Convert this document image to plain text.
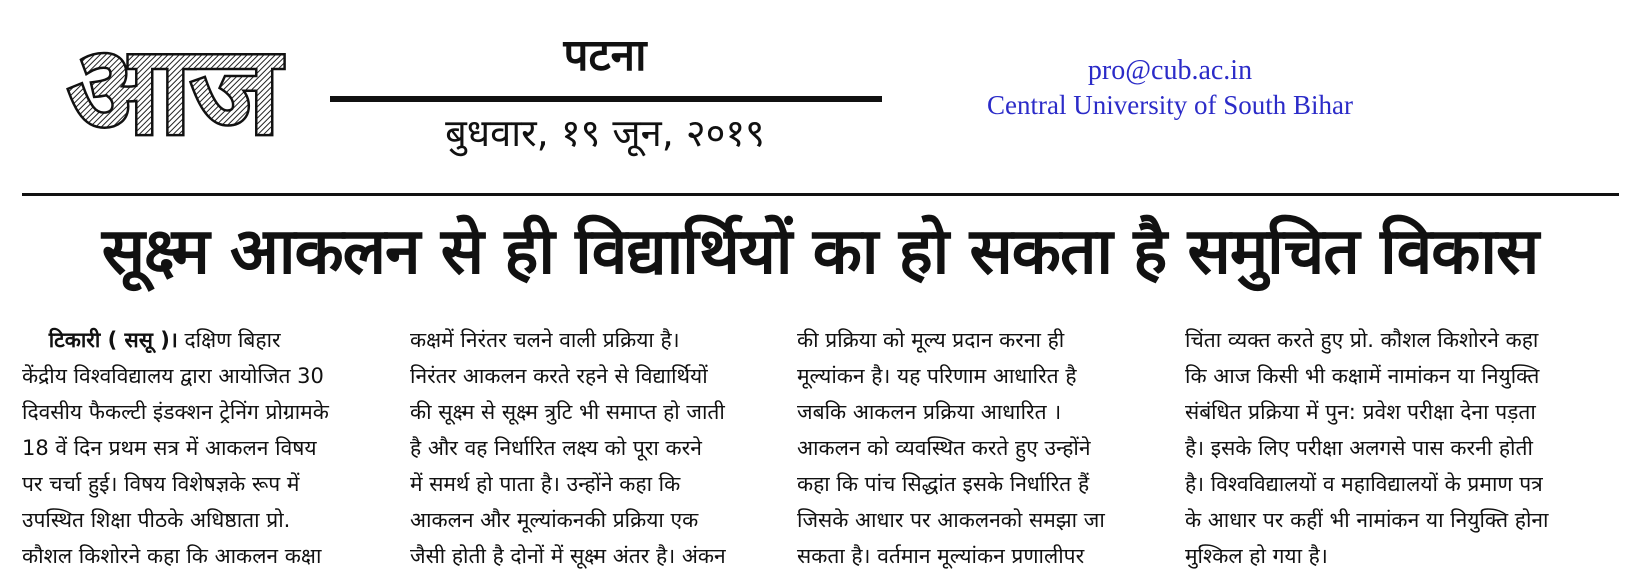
आज	पटना
बुधवार, १९ जून, २०१९
pro@cub.ac.in
Central University of South Bihar
सूक्ष्म आकलन से ही विद्यार्थियों का हो सकता है समुचित विकास
टिकारी ( ससू )। दक्षिण बिहार
केंद्रीय विश्वविद्यालय द्वारा आयोजित 30
दिवसीय फैकल्टी इंडक्शन ट्रेनिंग प्रोग्रामके
18 वें दिन प्रथम सत्र में आकलन विषय
पर चर्चा हुई। विषय विशेषज्ञके रूप में
उपस्थित शिक्षा पीठके अधिष्ठाता प्रो.
कौशल किशोरने कहा कि आकलन कक्षा
कक्षमें निरंतर चलने वाली प्रक्रिया है।
निरंतर आकलन करते रहने से विद्यार्थियों
की सूक्ष्म से सूक्ष्म त्रुटि भी समाप्त हो जाती
है और वह निर्धारित लक्ष्य को पूरा करने
में समर्थ हो पाता है। उन्होंने कहा कि
आकलन और मूल्यांकनकी प्रक्रिया एक
जैसी होती है दोनों में सूक्ष्म अंतर है। अंकन
की प्रक्रिया को मूल्य प्रदान करना ही
मूल्यांकन है। यह परिणाम आधारित है
जबकि आकलन प्रक्रिया आधारित ।
आकलन को व्यवस्थित करते हुए उन्होंने
कहा कि पांच सिद्धांत इसके निर्धारित हैं
जिसके आधार पर आकलनको समझा जा
सकता है। वर्तमान मूल्यांकन प्रणालीपर
चिंता व्यक्त करते हुए प्रो. कौशल किशोरने कहा
कि आज किसी भी कक्षामें नामांकन या नियुक्ति
संबंधित प्रक्रिया में पुन: प्रवेश परीक्षा देना पड़ता
है। इसके लिए परीक्षा अलगसे पास करनी होती
है। विश्वविद्यालयों व महाविद्यालयों के प्रमाण पत्र
के आधार पर कहीं भी नामांकन या नियुक्ति होना
मुश्किल हो गया है।
